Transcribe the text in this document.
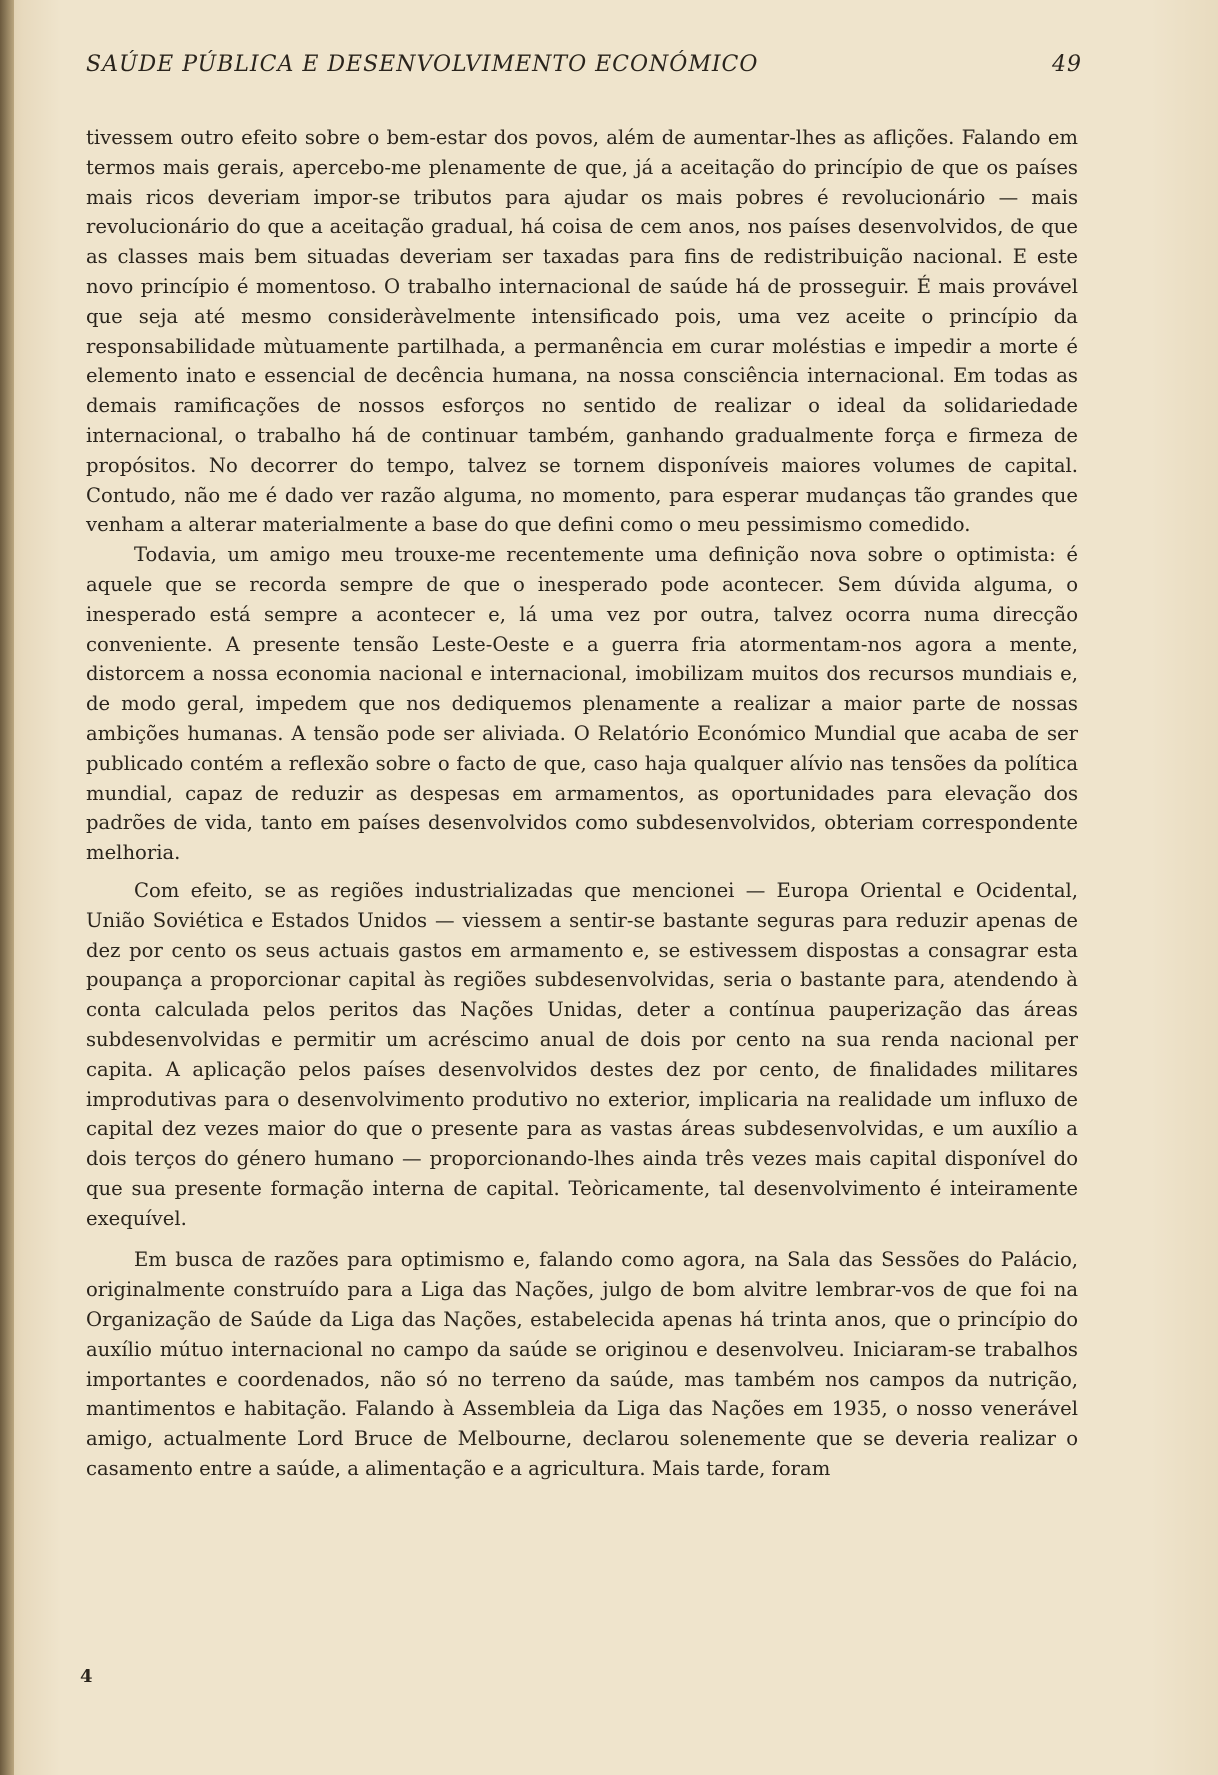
SAÚDE PÚBLICA E DESENVOLVIMENTO ECONÓMICO	49

tivessem outro efeito sobre o bem-estar dos povos, além de aumentar-lhes as aflições. Falando em termos mais gerais, apercebo-me plenamente de que, já a aceitação do princípio de que os países mais ricos deveriam impor-se tributos para ajudar os mais pobres é revolucionário — mais revolucionário do que a aceitação gradual, há coisa de cem anos, nos países desenvolvidos, de que as classes mais bem situadas deveriam ser taxadas para fins de redistribuição nacional. E este novo princípio é momentoso. O trabalho internacional de saúde há de prosseguir. É mais provável que seja até mesmo consideràvelmente intensificado pois, uma vez aceite o princípio da responsabilidade mùtuamente partilhada, a permanência em curar moléstias e impedir a morte é elemento inato e essencial de decência humana, na nossa consciência internacional. Em todas as demais ramificações de nossos esforços no sentido de realizar o ideal da solidariedade internacional, o trabalho há de continuar também, ganhando gradualmente força e firmeza de propósitos. No decorrer do tempo, talvez se tornem disponíveis maiores volumes de capital. Contudo, não me é dado ver razão alguma, no momento, para esperar mudanças tão grandes que venham a alterar materialmente a base do que defini como o meu pessimismo comedido.

Todavia, um amigo meu trouxe-me recentemente uma definição nova sobre o optimista: é aquele que se recorda sempre de que o inesperado pode acontecer. Sem dúvida alguma, o inesperado está sempre a acontecer e, lá uma vez por outra, talvez ocorra numa direcção conveniente. A presente tensão Leste-Oeste e a guerra fria atormentam-nos agora a mente, distorcem a nossa economia nacional e internacional, imobilizam muitos dos recursos mundiais e, de modo geral, impedem que nos dediquemos plenamente a realizar a maior parte de nossas ambições humanas. A tensão pode ser aliviada. O Relatório Económico Mundial que acaba de ser publicado contém a reflexão sobre o facto de que, caso haja qualquer alívio nas tensões da política mundial, capaz de reduzir as despesas em armamentos, as oportunidades para elevação dos padrões de vida, tanto em países desenvolvidos como subdesenvolvidos, obteriam correspondente melhoria.

Com efeito, se as regiões industrializadas que mencionei — Europa Oriental e Ocidental, União Soviética e Estados Unidos — viessem a sentir-se bastante seguras para reduzir apenas de dez por cento os seus actuais gastos em armamento e, se estivessem dispostas a consagrar esta poupança a proporcionar capital às regiões subdesenvolvidas, seria o bastante para, atendendo à conta calculada pelos peritos das Nações Unidas, deter a contínua pauperização das áreas subdesenvolvidas e permitir um acréscimo anual de dois por cento na sua renda nacional per capita. A aplicação pelos países desenvolvidos destes dez por cento, de finalidades militares improdutivas para o desenvolvimento produtivo no exterior, implicaria na realidade um influxo de capital dez vezes maior do que o presente para as vastas áreas subdesenvolvidas, e um auxílio a dois terços do género humano — proporcionando-lhes ainda três vezes mais capital disponível do que sua presente formação interna de capital. Teòricamente, tal desenvolvimento é inteiramente exequível.

Em busca de razões para optimismo e, falando como agora, na Sala das Sessões do Palácio, originalmente construído para a Liga das Nações, julgo de bom alvitre lembrar-vos de que foi na Organização de Saúde da Liga das Nações, estabelecida apenas há trinta anos, que o princípio do auxílio mútuo internacional no campo da saúde se originou e desenvolveu. Iniciaram-se trabalhos importantes e coordenados, não só no terreno da saúde, mas também nos campos da nutrição, mantimentos e habitação. Falando à Assembleia da Liga das Nações em 1935, o nosso venerável amigo, actualmente Lord Bruce de Melbourne, declarou solenemente que se deveria realizar o casamento entre a saúde, a alimentação e a agricultura. Mais tarde, foram

4
